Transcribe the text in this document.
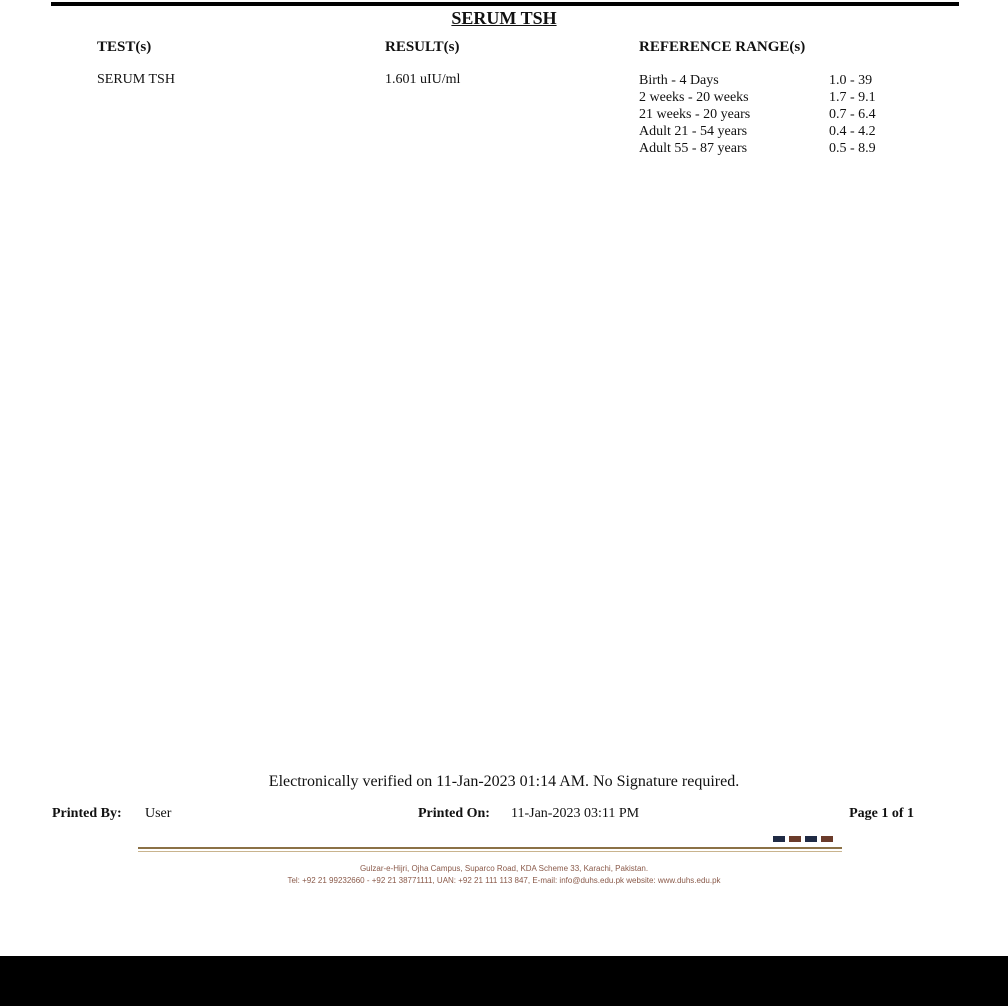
SERUM TSH
TEST(s)	RESULT(s)	REFERENCE RANGE(s)
SERUM TSH	1.601 uIU/ml	Birth - 4 Days	1.0 - 39
2 weeks - 20 weeks	1.7 - 9.1
21 weeks - 20 years	0.7 - 6.4
Adult 21 - 54 years	0.4 - 4.2
Adult 55 - 87 years	0.5 - 8.9
Electronically verified on 11-Jan-2023 01:14 AM. No Signature required.
Printed By: User	Printed On: 11-Jan-2023 03:11 PM	Page 1 of 1
Gulzar-e-Hijri, Ojha Campus, Suparco Road, KDA Scheme 33, Karachi, Pakistan.
Tel: +92 21 99232660 - +92 21 38771111, UAN: +92 21 111 113 847, E-mail: info@duhs.edu.pk website: www.duhs.edu.pk
